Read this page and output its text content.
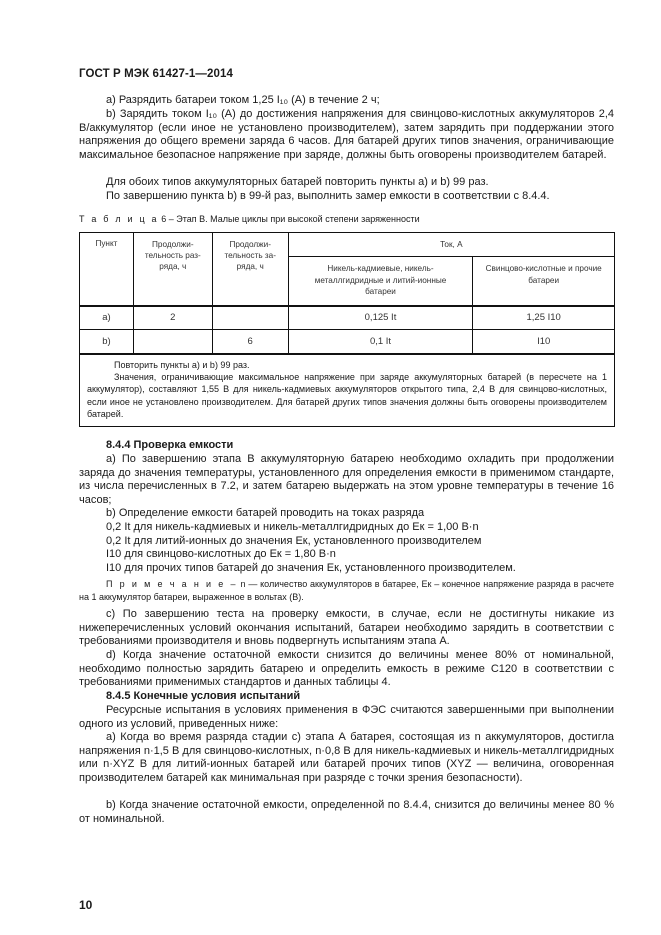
ГОСТ Р МЭК 61427-1—2014
а) Разрядить батареи током 1,25 I₁₀ (А) в течение 2 ч;
b) Зарядить током I₁₀ (А) до достижения напряжения для свинцово-кислотных аккумуляторов 2,4 В/аккумулятор (если иное не установлено производителем), затем зарядить при поддержании этого напряжения до общего времени заряда 6 часов. Для батарей других типов значения, ограничивающие максимальное безопасное напряжение при заряде, должны быть оговорены производителем батарей.
Для обоих типов аккумуляторных батарей повторить пункты а) и b) 99 раз.
По завершению пункта b) в 99-й раз, выполнить замер емкости в соответствии с 8.4.4.
Т а б л и ц а 6 – Этап В. Малые циклы при высокой степени заряженности
Пункт	Продолжи-тельность раз-ряда, ч	Продолжи-тельность за-ряда, ч	Ток, А	
			Никель-кадмиевые, никель-металлгидридные и литий-ионные батареи	Свинцово-кислотные и прочие батареи
а)	2		0,125 It	1,25 I10
b)		6	0,1 It	I10

Повторить пункты а) и b) 99 раз.

Значения, ограничивающие максимальное напряжение при заряде аккумуляторных батарей (в пересчете на 1 аккумулятор), составляют 1,55 В для никель-кадмиевых аккумуляторов открытого типа, 2,4 В для свинцово-кислотных, если иное не установлено производителем. Для батарей других типов значения должны быть оговорены производителем батарей.

8.4.4 Проверка емкости
а) По завершению этапа В аккумуляторную батарею необходимо охладить при продолжении заряда до значения температуры, установленного для определения емкости в применимом стандарте, из числа перечисленных в 7.2, и затем батарею выдержать на этом уровне температуры в течение 16 часов;
b) Определение емкости батарей проводить на токах разряда
0,2 It для никель-кадмиевых и никель-металлгидридных до Eк = 1,00 В·n
0,2 It для литий-ионных до значения Eк, установленного производителем
I10 для свинцово-кислотных до Eк = 1,80 В·n
I10 для прочих типов батарей до значения Eк, установленного производителем.
П р и м е ч а н и е – n — количество аккумуляторов в батарее, Eк – конечное напряжение разряда в расчете на 1 аккумулятор батареи, выраженное в вольтах (В).
c) По завершению теста на проверку емкости, в случае, если не достигнуты никакие из нижеперечисленных условий окончания испытаний, батареи необходимо зарядить в соответствии с требованиями производителя и вновь подвергнуть испытаниям этапа А.
d) Когда значение остаточной емкости снизится до величины менее 80% от номинальной, необходимо полностью зарядить батарею и определить емкость в режиме C120 в соответствии с требованиями применимых стандартов и данных таблицы 4.
8.4.5 Конечные условия испытаний
Ресурсные испытания в условиях применения в ФЭС считаются завершенными при выполнении одного из условий, приведенных ниже:
а) Когда во время разряда стадии с) этапа А батарея, состоящая из n аккумуляторов, достигла напряжения n·1,5 В для свинцово-кислотных, n·0,8 В для никель-кадмиевых и никель-металлгидридных или n·XYZ В для литий-ионных батарей или батарей прочих типов (XYZ — величина, оговоренная производителем батарей как минимальная при разряде с точки зрения безопасности).
b) Когда значение остаточной емкости, определенной по 8.4.4, снизится до величины менее 80 % от номинальной.
10
